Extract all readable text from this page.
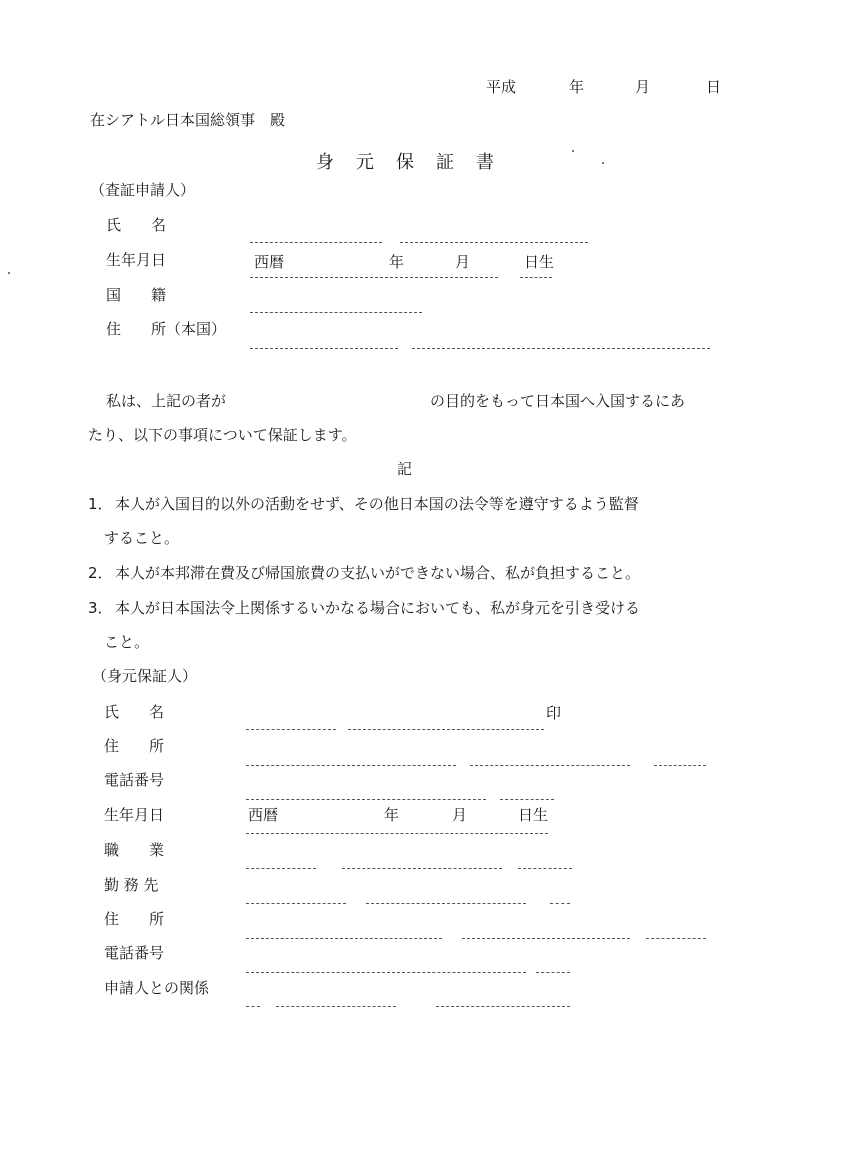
平成	年	月	日
在シアトル日本国総領事　殿
身元保証書
（査証申請人）
氏　　名
生年月日	西暦	年	月	日生
国　　籍
住　　所（本国）
私は、上記の者が	の目的をもって日本国へ入国するにあ
たり、以下の事項について保証します。
記
1． 本人が入国目的以外の活動をせず、その他日本国の法令等を遵守するよう監督
すること。
2． 本人が本邦滞在費及び帰国旅費の支払いができない場合、私が負担すること。
3． 本人が日本国法令上関係するいかなる場合においても、私が身元を引き受ける
こと。
（身元保証人）
氏　　名	印
住　　所
電話番号
生年月日	西暦	年	月	日生
職　　業
勤 務 先
住　　所
電話番号
申請人との関係
